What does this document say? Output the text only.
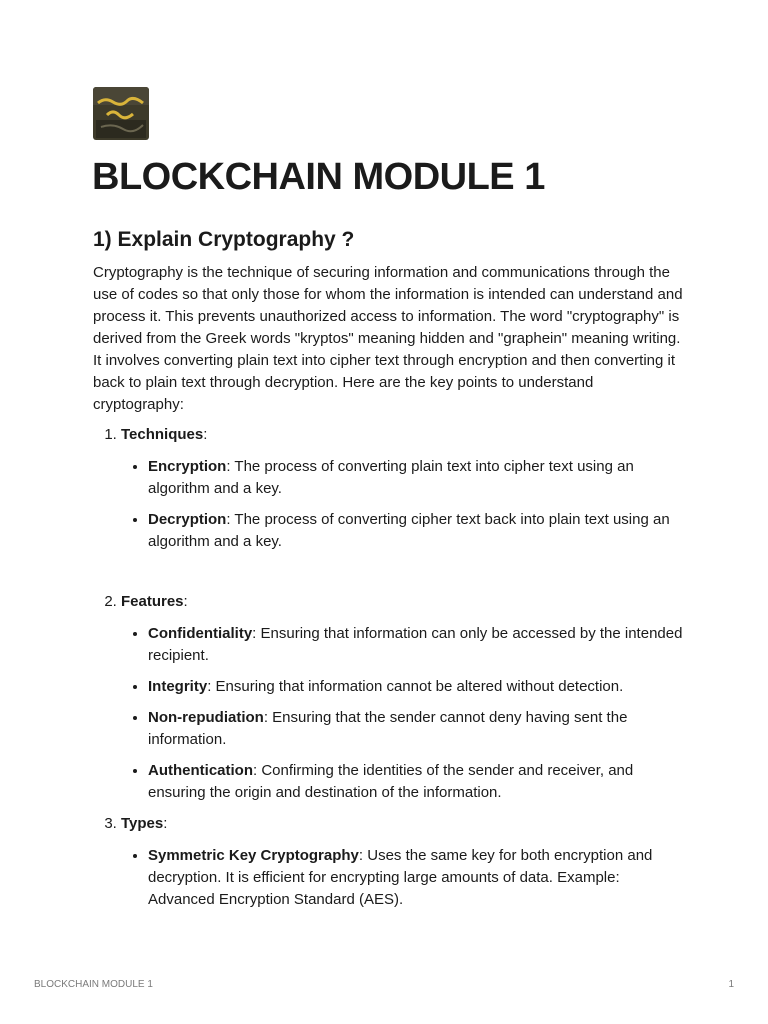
BLOCKCHAIN MODULE 1
1) Explain Cryptography ?

Cryptography is the technique of securing information and communications through the use of codes so that only those for whom the information is intended can understand and process it. This prevents unauthorized access to information. The word "cryptography" is derived from the Greek words "kryptos" meaning hidden and "graphein" meaning writing. It involves converting plain text into cipher text through encryption and then converting it back to plain text through decryption. Here are the key points to understand cryptography:

1. Techniques:
• Encryption: The process of converting plain text into cipher text using an algorithm and a key.
• Decryption: The process of converting cipher text back into plain text using an algorithm and a key.
2. Features:
• Confidentiality: Ensuring that information can only be accessed by the intended recipient.
• Integrity: Ensuring that information cannot be altered without detection.
• Non-repudiation: Ensuring that the sender cannot deny having sent the information.
• Authentication: Confirming the identities of the sender and receiver, and ensuring the origin and destination of the information.
3. Types:
• Symmetric Key Cryptography: Uses the same key for both encryption and decryption. It is efficient for encrypting large amounts of data. Example: Advanced Encryption Standard (AES).
BLOCKCHAIN MODULE 1	1
